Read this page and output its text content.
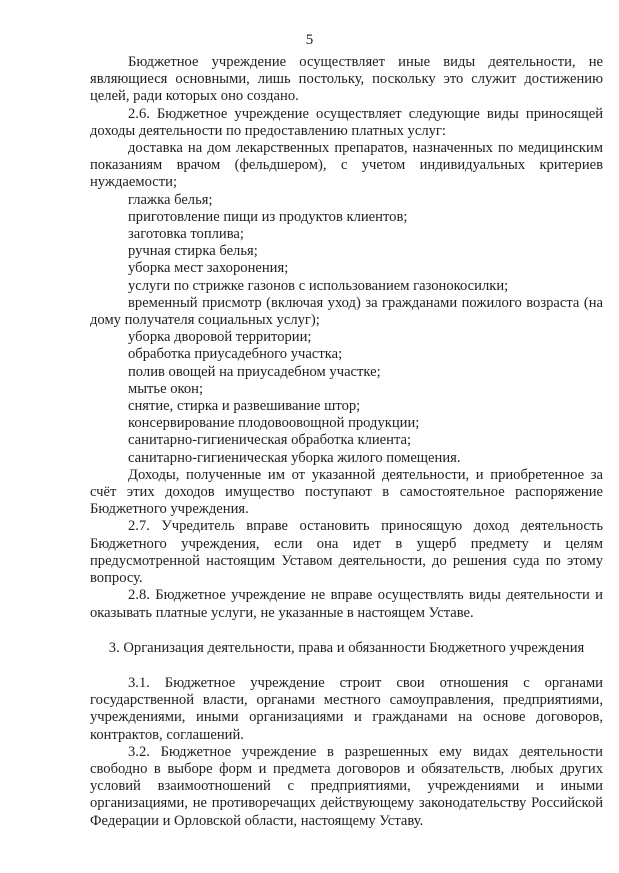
5

Бюджетное учреждение осуществляет иные виды деятельности, не являющиеся основными, лишь постольку, поскольку это служит достижению целей, ради которых оно создано.

2.6. Бюджетное учреждение осуществляет следующие виды приносящей доходы деятельности по предоставлению платных услуг:

доставка на дом лекарственных препаратов, назначенных по медицинским показаниям врачом (фельдшером), с учетом индивидуальных критериев нуждаемости;

глажка белья;

приготовление пищи из продуктов клиентов;

заготовка топлива;

ручная стирка белья;

уборка мест захоронения;

услуги по стрижке газонов с использованием газонокосилки;

временный присмотр (включая уход) за гражданами пожилого возраста (на дому получателя социальных услуг);

уборка дворовой территории;

обработка приусадебного участка;

полив овощей на приусадебном участке;

мытье окон;

снятие, стирка и развешивание штор;

консервирование плодовоовощной продукции;

санитарно-гигиеническая обработка клиента;

санитарно-гигиеническая уборка жилого помещения.

Доходы, полученные им от указанной деятельности, и приобретенное за счёт этих доходов имущество поступают в самостоятельное распоряжение Бюджетного учреждения.

2.7. Учредитель вправе остановить приносящую доход деятельность Бюджетного учреждения, если она идет в ущерб предмету и целям предусмотренной настоящим Уставом деятельности, до решения суда по этому вопросу.

2.8. Бюджетное учреждение не вправе осуществлять виды деятельности и оказывать платные услуги, не указанные в настоящем Уставе.

3. Организация деятельности, права и обязанности Бюджетного учреждения

3.1. Бюджетное учреждение строит свои отношения с органами государственной власти, органами местного самоуправления, предприятиями, учреждениями, иными организациями и гражданами на основе договоров, контрактов, соглашений.

3.2. Бюджетное учреждение в разрешенных ему видах деятельности свободно в выборе форм и предмета договоров и обязательств, любых других условий взаимоотношений с предприятиями, учреждениями и иными организациями, не противоречащих действующему законодательству Российской Федерации и Орловской области, настоящему Уставу.
